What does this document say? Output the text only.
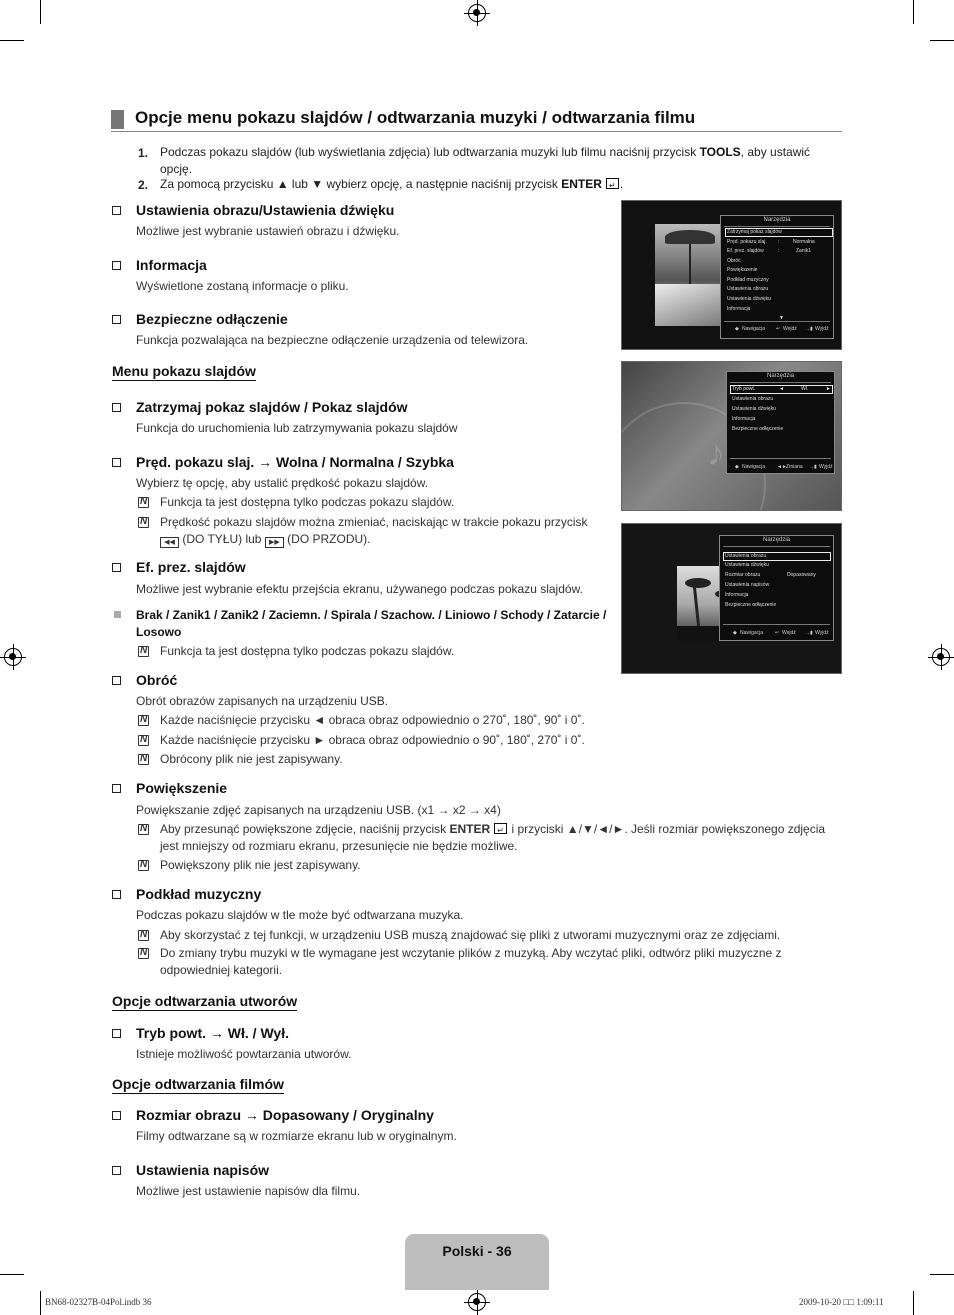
Opcje menu pokazu slajdów / odtwarzania muzyki / odtwarzania filmu
1. Podczas pokazu slajdów (lub wyświetlania zdjęcia) lub odtwarzania muzyki lub filmu naciśnij przycisk TOOLS, aby ustawić opcję.
2. Za pomocą przycisku ▲ lub ▼ wybierz opcję, a następnie naciśnij przycisk ENTER ↵ .
Ustawienia obrazu/Ustawienia dźwięku
Możliwe jest wybranie ustawień obrazu i dźwięku.
Informacja
Wyświetlone zostaną informacje o pliku.
Bezpieczne odłączenie
Funkcja pozwalająca na bezpieczne odłączenie urządzenia od telewizora.
Menu pokazu slajdów
Zatrzymaj pokaz slajdów / Pokaz slajdów
Funkcja do uruchomienia lub zatrzymywania pokazu slajdów
Pręd. pokazu slaj. → Wolna / Normalna / Szybka
Wybierz tę opcję, aby ustalić prędkość pokazu slajdów.
N
Funkcja ta jest dostępna tylko podczas pokazu slajdów.
N
Prędkość pokazu slajdów można zmieniać, naciskając w trakcie pokazu przycisk
◀◀ (DO TYŁU) lub ▶▶ (DO PRZODU).
Ef. prez. slajdów
Możliwe jest wybranie efektu przejścia ekranu, używanego podczas pokazu slajdów.
Brak / Zanik1 / Zanik2 / Zaciemn. / Spirala / Szachow. / Liniowo / Schody / Zatarcie / Losowo
N
Funkcja ta jest dostępna tylko podczas pokazu slajdów.
Obróć
Obrót obrazów zapisanych na urządzeniu USB.
N
Każde naciśnięcie przycisku ◄ obraca obraz odpowiednio o 270˚, 180˚, 90˚ i 0˚.
N
Każde naciśnięcie przycisku ► obraca obraz odpowiednio o 90˚, 180˚, 270˚ i 0˚.
N
Obrócony plik nie jest zapisywany.
Powiększenie
Powiększanie zdjęć zapisanych na urządzeniu USB. (x1 → x2 → x4)
N
Aby przesunąć powiększone zdjęcie, naciśnij przycisk ENTER ↵ i przyciski ▲/▼/◄/►. Jeśli rozmiar powiększonego zdjęcia jest mniejszy od rozmiaru ekranu, przesunięcie nie będzie możliwe.
N
Powiększony plik nie jest zapisywany.
Podkład muzyczny
Podczas pokazu slajdów w tle może być odtwarzana muzyka.
N
Aby skorzystać z tej funkcji, w urządzeniu USB muszą znajdować się pliki z utworami muzycznymi oraz ze zdjęciami.
N
Do zmiany trybu muzyki w tle wymagane jest wczytanie plików z muzyką. Aby wczytać pliki, odtwórz pliki muzyczne z odpowiedniej kategorii.
Opcje odtwarzania utworów
Tryb powt. → Wł. / Wył.
Istnieje możliwość powtarzania utworów.
Opcje odtwarzania filmów
Rozmiar obrazu → Dopasowany / Oryginalny
Filmy odtwarzane są w rozmiarze ekranu lub w oryginalnym.
Ustawienia napisów
Możliwe jest ustawienie napisów dla filmu.
Narzędzia
Zatrzymaj pokaz slajdów
Pręd. pokazu slaj. :	Normalna
Ef. prez. slajdów	:	Zanik1
Obróć
Powiększenie
Podkład muzyczny
Ustawienia obrazu
Ustawienia dźwięku
Informacja
▼
◆ Nawigacja ↵ Wejdź →▮ Wyjdź
♪
Narzędzia
Tryb powt.	◄	Wł.	►
Ustawienia obrazu
Ustawienia dźwięku
Informacja
Bezpieczne odłączenie
◆ Nawigacja ◄► Zmiana →▮ Wyjdź
Narzędzia
Ustawienia obrazu
Ustawienia dźwięku
Rozmiar obrazu	Dopasowany
Ustawienia napisów
Informacja
Bezpieczne odłączenie
◆ Nawigacja ↵ Wejdź →▮ Wyjdź
Polski - 36
BN68-02327B-04Pol.indb 36	2009-10-20 □□ 1:09:11
